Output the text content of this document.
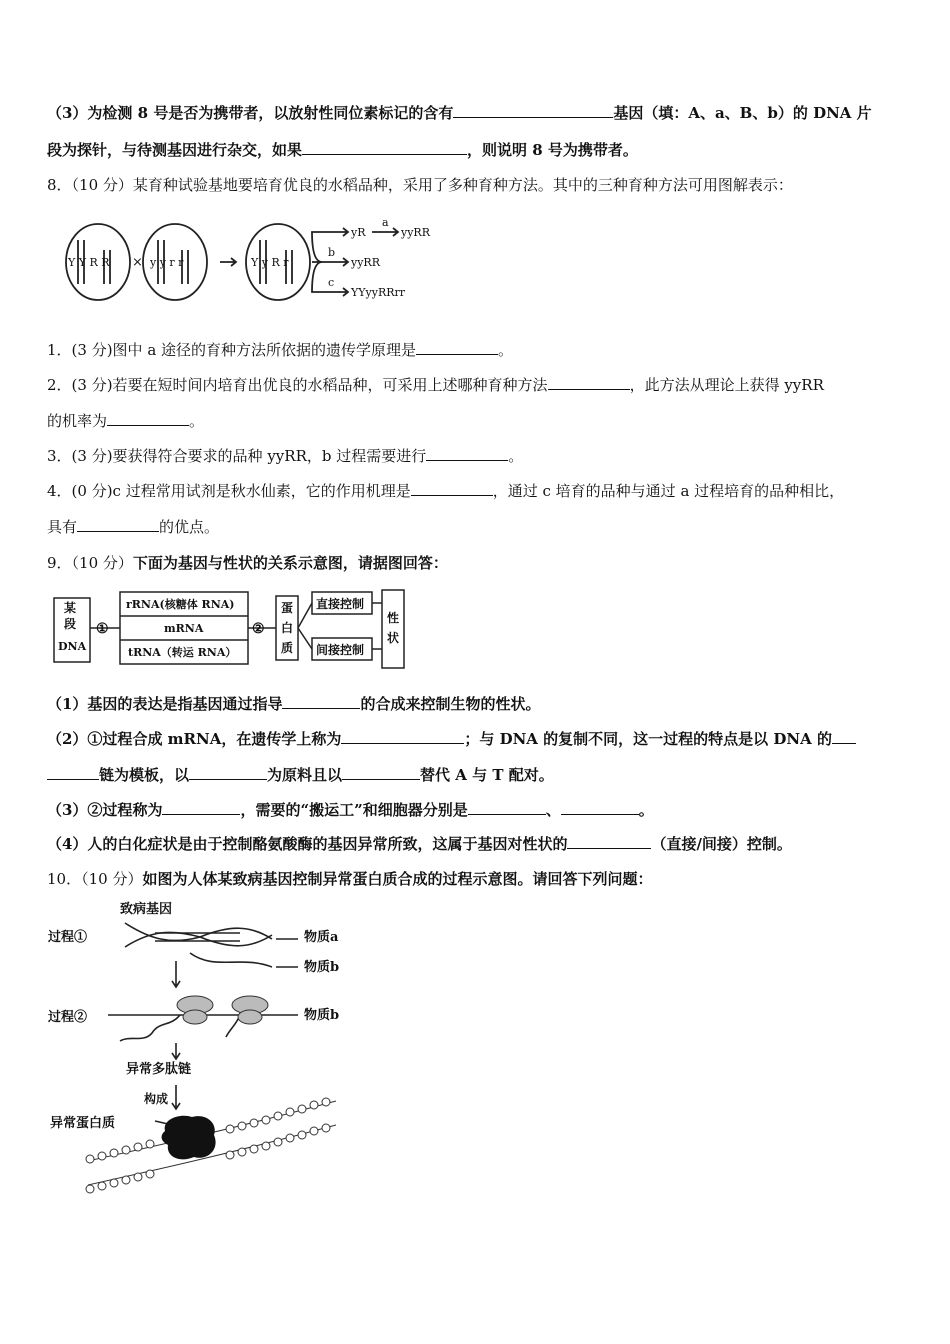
（3）为检测 8 号是否为携带者，以放射性同位素标记的含有	基因（填：A、a、B、b）的 DNA 片
段为探针，与待测基因进行杂交，如果	，则说明 8 号为携带者。
8．（10 分）某育种试验基地要培育优良的水稻品种，采用了多种育种方法。其中的三种育种方法可用图解表示：
Y Y R R × y y r r	Y y R r
a
b
c
yR	yyRR
yyRR
YYyyRRrr
1．(3 分)图中 a 途径的育种方法所依据的遗传学原理是	。
2．(3 分)若要在短时间内培育出优良的水稻品种，可采用上述哪种育种方法	，此方法从理论上获得 yyRR
的机率为	。
3．(3 分)要获得符合要求的品种 yyRR，b 过程需要进行	。
4．(0 分)c 过程常用试剂是秋水仙素，它的作用机理是	，通过 c 培育的品种与通过 a 过程培育的品种相比，
具有	的优点。
9．（10 分）下面为基因与性状的关系示意图，请据图回答：
某
段
DNA
①
rRNA(核糖体 RNA)
mRNA
tRNA（转运 RNA）
②
蛋
白
质
直接控制
间接控制
性
状
（1）基因的表达是指基因通过指导	的合成来控制生物的性状。
（2）①过程合成 mRNA，在遗传学上称为	；与 DNA 的复制不同，这一过程的特点是以 DNA 的
链为模板，以	为原料且以	替代 A 与 T 配对。
（3）②过程称为	，需要的“搬运工”和细胞器分别是	、	。
（4）人的白化症状是由于控制酪氨酸酶的基因异常所致，这属于基因对性状的	（直接/间接）控制。
10．（10 分）如图为人体某致病基因控制异常蛋白质合成的过程示意图。请回答下列问题：
致病基因
过程①
过程②
物质a
物质b
物质b
异常多肽链
构成
异常蛋白质
